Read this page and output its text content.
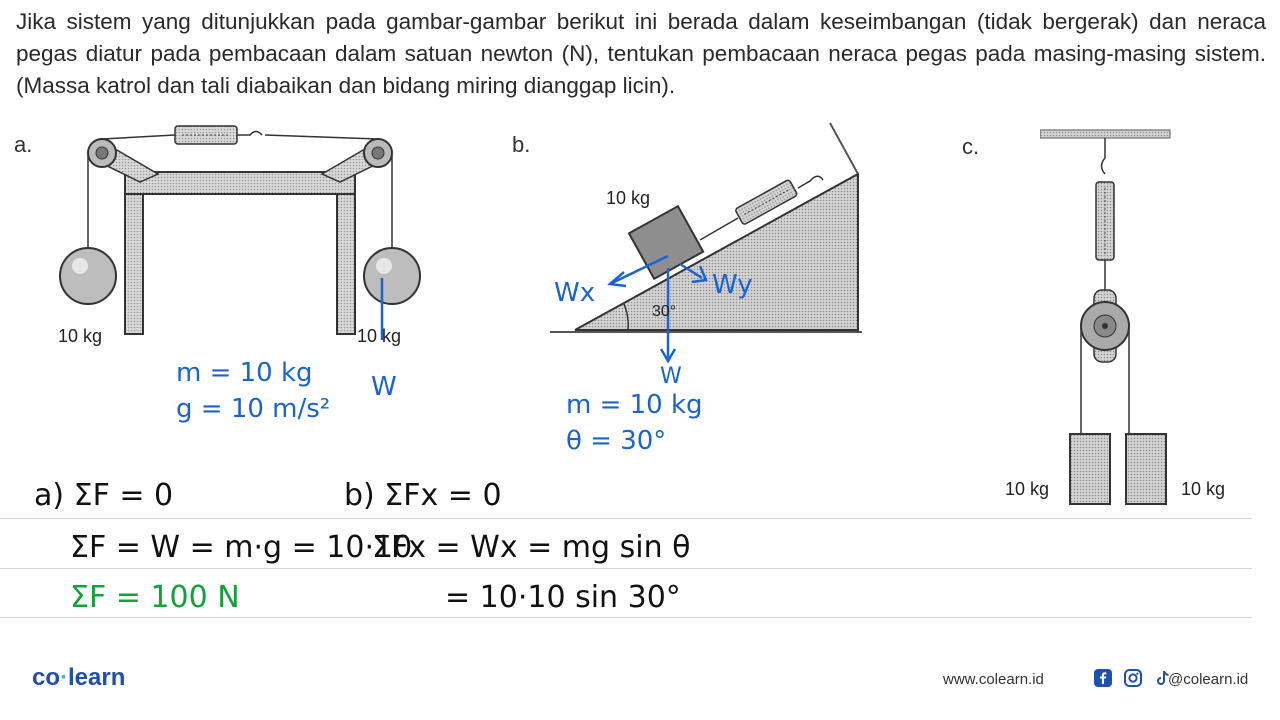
Jika sistem yang ditunjukkan pada gambar-gambar berikut ini berada dalam keseimbangan (tidak bergerak) dan neraca pegas diatur pada pembacaan dalam satuan newton (N), tentukan pembacaan neraca pegas pada masing-masing sistem. (Massa katrol dan tali diabaikan dan bidang miring dianggap licin).
a.
10 kg	10 kg
W
m = 10 kg
g = 10 m/s²
b.
10 kg
30°
Wx	Wy
W
m = 10 kg
θ = 30°
c.
10 kg	10 kg
a) ΣF = 0
ΣF = W = m·g = 10·10
ΣF = 100 N
b) ΣFx = 0
ΣFx = Wx = mg sin θ
= 10·10 sin 30°
co·learn	www.colearn.id	@colearn.id
